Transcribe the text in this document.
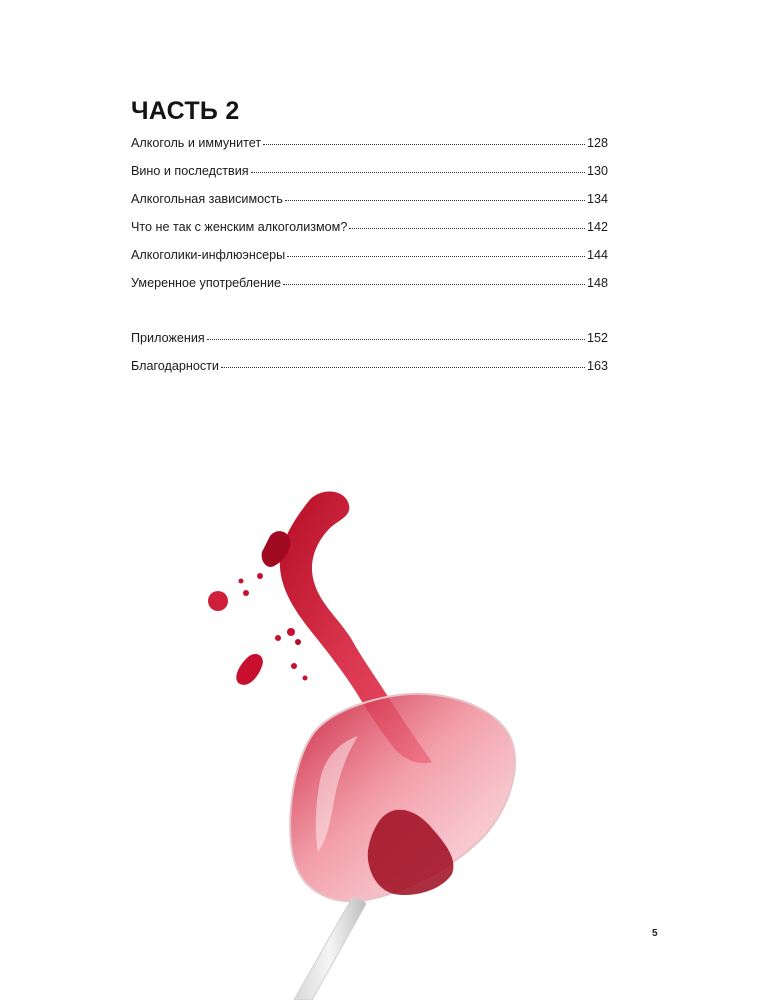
ЧАСТЬ 2
Алкоголь и иммунитет	128
Вино и последствия	130
Алкогольная зависимость	134
Что не так с женским алкоголизмом?	142
Алкоголики-инфлюэнсеры	144
Умеренное употребление	148
Приложения	152
Благодарности	163
5
